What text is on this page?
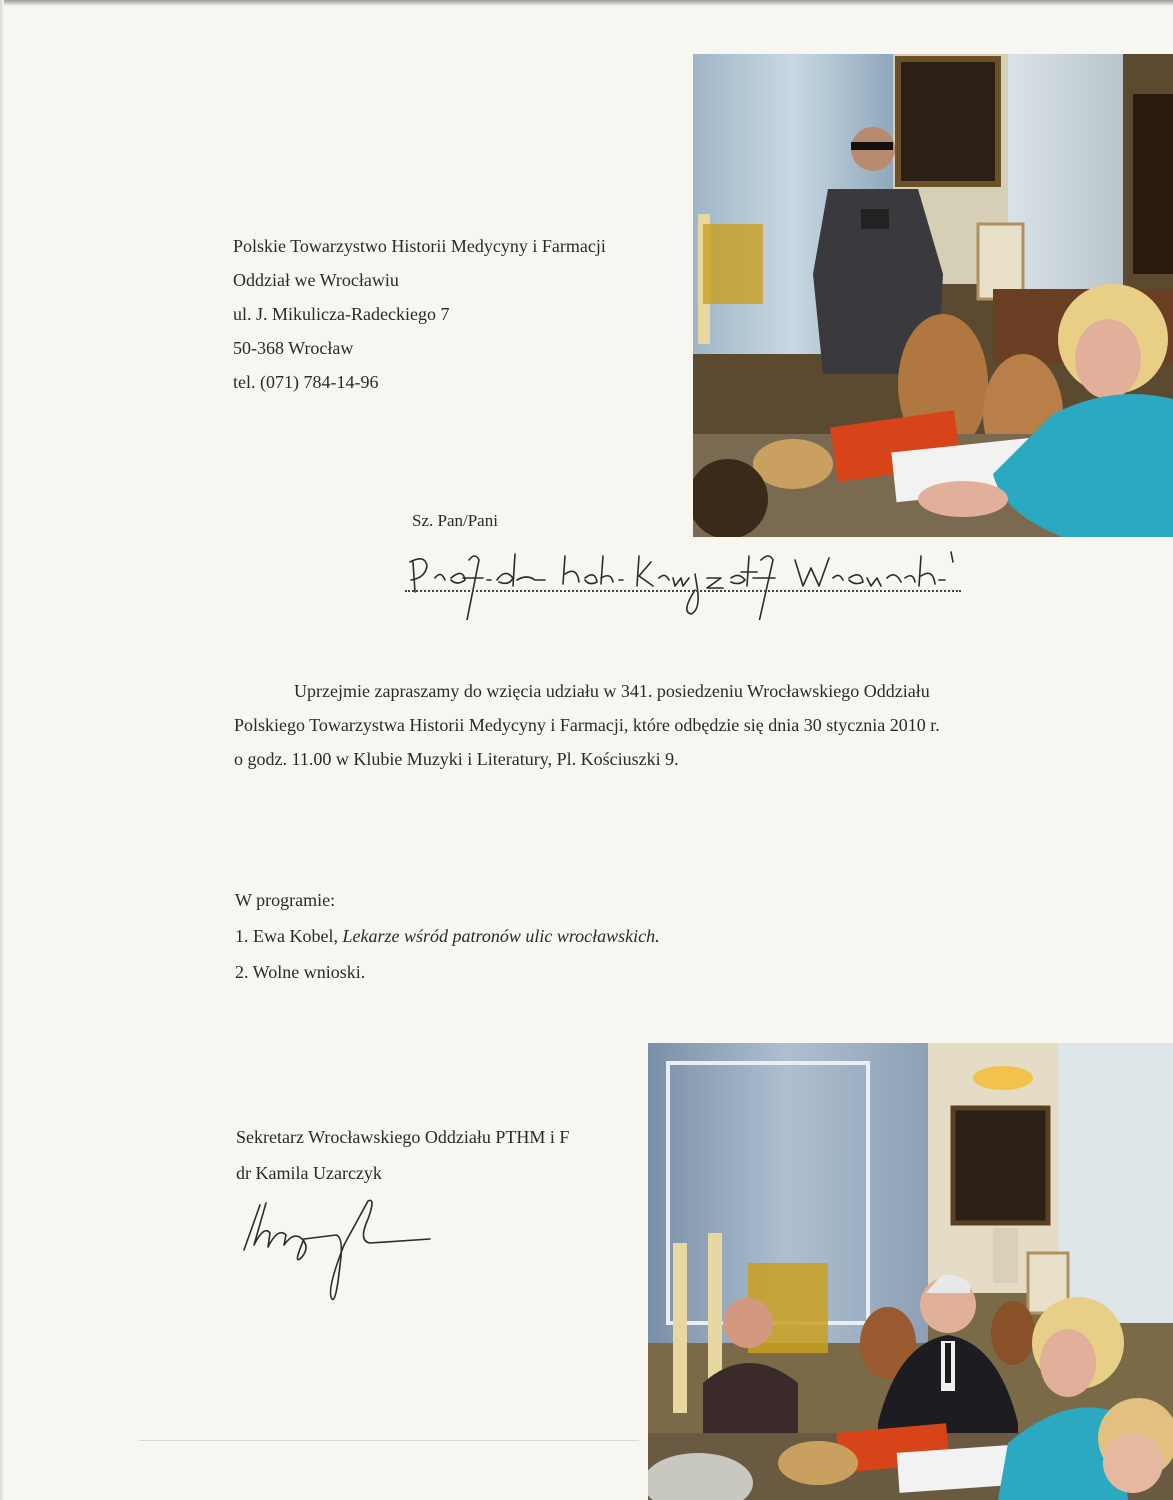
Polskie Towarzystwo Historii Medycyny i Farmacji
Oddział we Wrocławiu
ul. J. Mikulicza-Radeckiego 7
50-368 Wrocław
tel. (071) 784-14-96
Sz. Pan/Pani
Uprzejmie zapraszamy do wzięcia udziału w 341. posiedzeniu Wrocławskiego Oddziału
Polskiego Towarzystwa Historii Medycyny i Farmacji, które odbędzie się dnia 30 stycznia 2010 r.
o godz. 11.00 w Klubie Muzyki i Literatury, Pl. Kościuszki 9.
W programie:
1. Ewa Kobel, Lekarze wśród patronów ulic wrocławskich.
2. Wolne wnioski.
Sekretarz Wrocławskiego Oddziału PTHM i F
dr Kamila Uzarczyk
